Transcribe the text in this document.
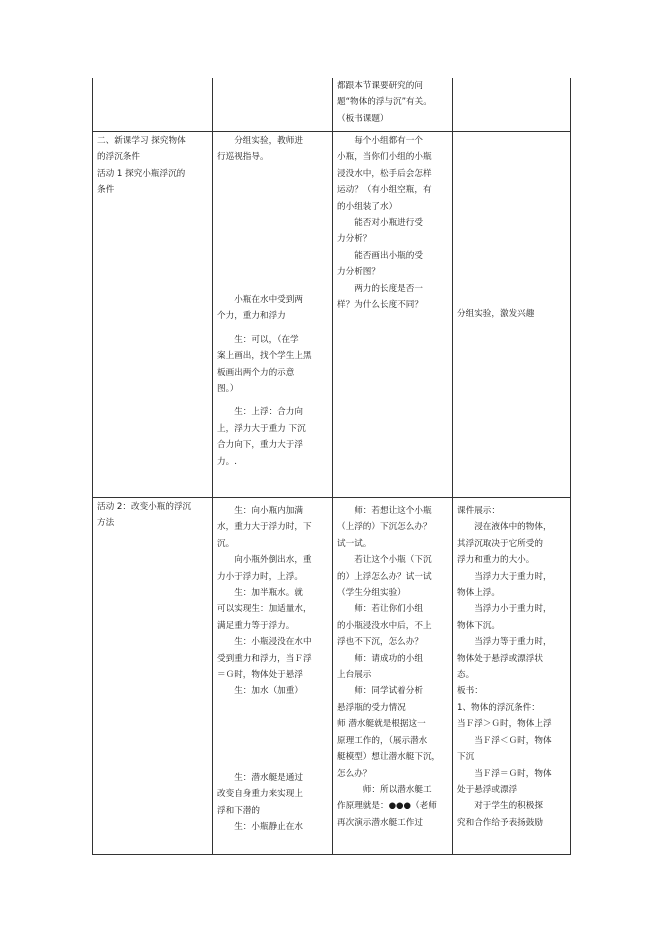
都跟本节课要研究的问

题“物体的浮与沉”有关。

（板书课题）

二、新课学习 探究物体

的浮沉条件

活动 1 探究小瓶浮沉的

条件

　　分组实验，教师进

行巡视指导。

　　小瓶在水中受到两

个力，重力和浮力

　　生：可以，（在学

案上画出，找个学生上黑

板画出两个力的示意

图。）

　　生：上浮：合力向

上，浮力大于重力 下沉

合力向下，重力大于浮

力。.

　　每个小组都有一个

小瓶，当你们小组的小瓶

浸没水中，松手后会怎样

运动？（有小组空瓶，有

的小组装了水）

　　能否对小瓶进行受

力分析？

　　能否画出小瓶的受

力分析图？

　　两力的长度是否一

样？为什么长度不同？

分组实验，激发兴趣

活动 2：改变小瓶的浮沉

方法

　　生：向小瓶内加满

水，重力大于浮力时，下

沉。

　　向小瓶外倒出水，重

力小于浮力时，上浮。

　　生：加半瓶水。就

可以实现生：加适量水，

满足重力等于浮力。

　　生：小瓶浸没在水中

受到重力和浮力，当Ｆ浮

＝Ｇ时，物体处于悬浮

　　生：加水（加重）

　　生：潜水艇是通过

改变自身重力来实现上

浮和下潜的

　　生：小瓶静止在水

　　师：若想让这个小瓶

（上浮的）下沉怎么办？

试一试。

　　若让这个小瓶（下沉

的）上浮怎么办？试一试

（学生分组实验）

　　师：若让你们小组

的小瓶浸没水中后，不上

浮也不下沉，怎么办？

　　师：请成功的小组

上台展示

　　师：同学试着分析

悬浮瓶的受力情况

师 潜水艇就是根据这一

原理工作的，（展示潜水

艇模型）想让潜水艇下沉，

怎么办？

　　　师：所以潜水艇工

作原理就是：●●●（老师

再次演示潜水艇工作过

课件展示：

　　浸在液体中的物体，

其浮沉取决于它所受的

浮力和重力的大小。

　　当浮力大于重力时，

物体上浮。

　　当浮力小于重力时，

物体下沉。

　　当浮力等于重力时，

物体处于悬浮或漂浮状

态。

板书：

1、物体的浮沉条件：

当Ｆ浮＞Ｇ时，物体上浮

　　当Ｆ浮＜Ｇ时，物体

下沉

　　当Ｆ浮＝Ｇ时，物体

处于悬浮或漂浮

　　对于学生的积极探

究和合作给予表扬鼓励
